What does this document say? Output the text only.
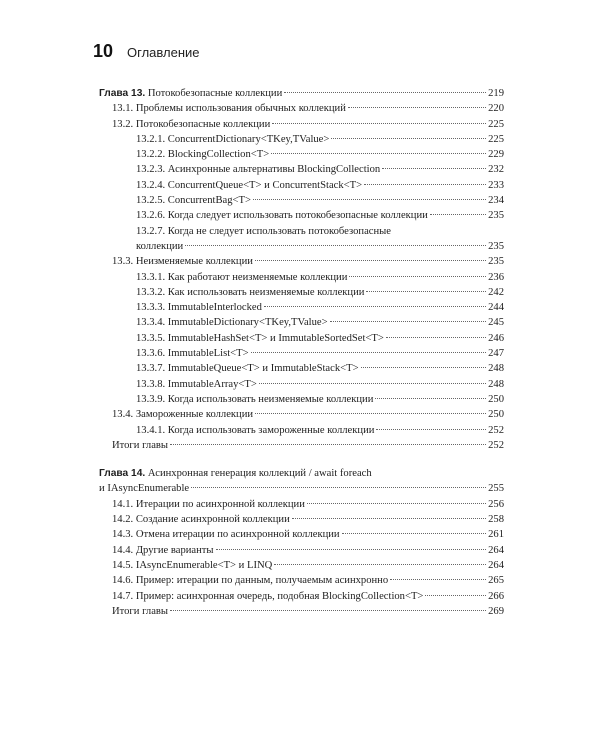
10 Оглавление
Глава 13. Потокобезопасные коллекции	219
13.1. Проблемы использования обычных коллекций	220
13.2. Потокобезопасные коллекции	225
13.2.1. ConcurrentDictionary<TKey,TValue>	225
13.2.2. BlockingCollection<T>	229
13.2.3. Асинхронные альтернативы BlockingCollection	232
13.2.4. ConcurrentQueue<T> и ConcurrentStack<T>	233
13.2.5. ConcurrentBag<T>	234
13.2.6. Когда следует использовать потокобезопасные коллекции	235
13.2.7. Когда не следует использовать потокобезопасные
коллекции	235
13.3. Неизменяемые коллекции	235
13.3.1. Как работают неизменяемые коллекции	236
13.3.2. Как использовать неизменяемые коллекции	242
13.3.3. ImmutableInterlocked	244
13.3.4. ImmutableDictionary<TKey,TValue>	245
13.3.5. ImmutableHashSet<T> и ImmutableSortedSet<T>	246
13.3.6. ImmutableList<T>	247
13.3.7. ImmutableQueue<T> и ImmutableStack<T>	248
13.3.8. ImmutableArray<T>	248
13.3.9. Когда использовать неизменяемые коллекции	250
13.4. Замороженные коллекции	250
13.4.1. Когда использовать замороженные коллекции	252
Итоги главы	252
Глава 14. Асинхронная генерация коллекций / await foreach
и IAsyncEnumerable	255
14.1. Итерации по асинхронной коллекции	256
14.2. Создание асинхронной коллекции	258
14.3. Отмена итерации по асинхронной коллекции	261
14.4. Другие варианты	264
14.5. IAsyncEnumerable<T> и LINQ	264
14.6. Пример: итерации по данным, получаемым асинхронно	265
14.7. Пример: асинхронная очередь, подобная BlockingCollection<T>	266
Итоги главы	269
